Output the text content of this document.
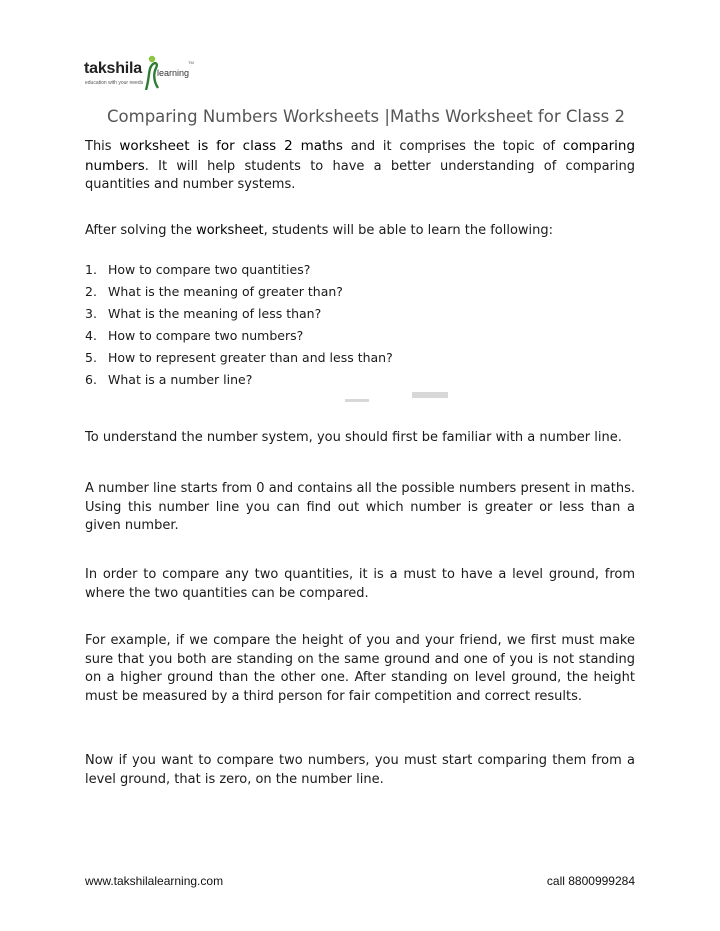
takshila
education with your needs
learning
TM
Comparing Numbers Worksheets |Maths Worksheet for Class 2

This worksheet is for class 2 maths and it comprises the topic of comparing numbers. It will help students to have a better understanding of comparing quantities and number systems.

After solving the worksheet, students will be able to learn the following:

1. How to compare two quantities?
2. What is the meaning of greater than?
3. What is the meaning of less than?
4. How to compare two numbers?
5. How to represent greater than and less than?
6. What is a number line?

To understand the number system, you should first be familiar with a number line.

A number line starts from 0 and contains all the possible numbers present in maths. Using this number line you can find out which number is greater or less than a given number.

In order to compare any two quantities, it is a must to have a level ground, from where the two quantities can be compared.

For example, if we compare the height of you and your friend, we first must make sure that you both are standing on the same ground and one of you is not standing on a higher ground than the other one. After standing on level ground, the height must be measured by a third person for fair competition and correct results.

Now if you want to compare two numbers, you must start comparing them from a level ground, that is zero, on the number line.

www.takshilalearning.com	call 8800999284
